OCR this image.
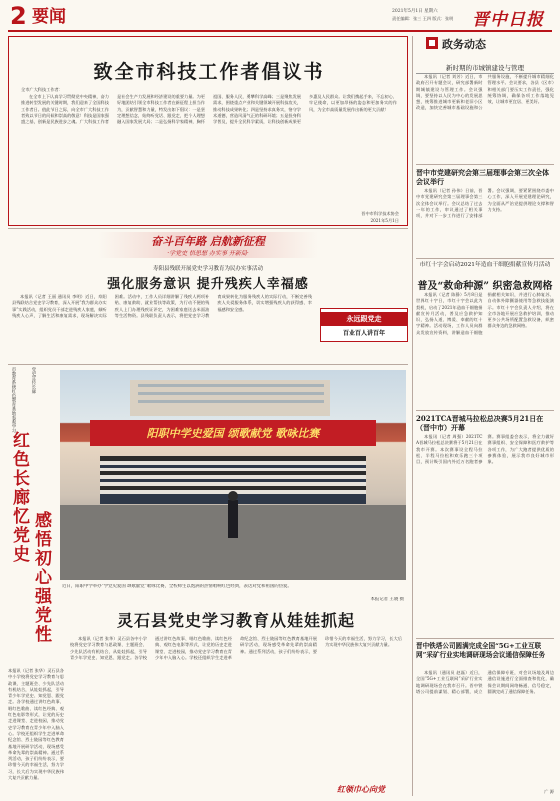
2 要闻	2021年5月1日 星期六
责任编辑：张三 王四 版式：张明 晋中日报
致全市科技工作者倡议书
全市广大科技工作者：
在全市上下认真学习贯彻党中央精神，奋力推进转型发展的关键时期，我们迎来了全国科技工作者日。值此节日之际，向全市广大科技工作者致以节日的问候和崇高的敬意！科技是国家强盛之基，创新是民族进步之魂。广大科技工作者是社会生产力发展和经济建设的重要力量。为更好地团结引领全市科技工作者在新征程上担当作为，贡献智慧和力量，特发出如下倡议：一是坚定理想信念，始终听党话、跟党走，把个人理想融入国家发展大局；二是弘扬科学家精神，胸怀祖国、服务人民，勇攀科学高峰；三是聚焦发展需求，围绕重点产业和关键领域开展科技攻关，推动科技成果转化；四是坚持求真务实，恪守学术道德，营造风清气正的科研环境；五是投身科学普及，提升全民科学素质，让科技创新成果更多惠及人民群众。让我们携起手来，不忘初心、牢记使命，以更加昂扬的姿态和更加务实的作风，为全市高质量发展作出新的更大贡献！
晋中市科学技术协会
2021年5月1日
奋斗百年路 启航新征程
·学党史 悟思想 办实事 开新局·
寿阳县残联开展党史学习教育为民办实事活动
强化服务意识 提升残疾人幸福感
本报讯（记者 王丽 通讯员 李明）近日，寿阳县残联结合党史学习教育，深入开展“我为群众办实事”实践活动，组织党员干部走进残疾人家庭，倾听残疾人心声，了解生活和康复需求，现场解决实际困难。活动中，工作人员详细讲解了残疾人两项补贴、康复救助、就业帮扶等政策，为行动不便的残疾人上门办理残疾证评定，为困难家庭送去米面油等生活物资。县残联负责人表示，将把党史学习教育成果转化为服务残疾人的实际行动，不断完善残疾人关爱服务体系，切实增强残疾人的获得感、幸福感和安全感。
永远跟党走
百业百人讲百年
党史宣传长廊
市教育系统红色教育基地参观学习
红色长廊忆党史
感悟初心强党性
本报讯（记者 张华）灵石县各中小学校将党史学习教育与思政课、主题班会、少先队活动有机结合，从娃娃抓起，引导青少年学党史、知党恩、跟党走。各学校通过讲红色故事、唱红色歌曲、读红色经典、观红色电影等形式，让党的历史走进课堂、走进校园，推动党史学习教育在青少年中入脑入心。学校还组织学生走进革命纪念馆、烈士陵园等红色教育基地开展研学活动，现场感受革命先辈的崇高精神。通过系列活动，孩子们纷纷表示，要珍惜今天的幸福生活，努力学习，长大后为实现中华民族伟大复兴贡献力量。
阳职中学史爱国 颂歌献党 歌咏比赛
近日，阳职中学举办“学党史爱国 颂歌献党”歌咏比赛，全校师生以饱满的热情唱响红色经典，表达对党和祖国的热爱。
本报记者 王晓 摄
灵石县党史学习教育从娃娃抓起
本报讯（记者 张华）灵石县各中小学校将党史学习教育与思政课、主题班会、少先队活动有机结合，从娃娃抓起，引导青少年学党史、知党恩、跟党走。各学校通过讲红色故事、唱红色歌曲、读红色经典、观红色电影等形式，让党的历史走进课堂、走进校园，推动党史学习教育在青少年中入脑入心。学校还组织学生走进革命纪念馆、烈士陵园等红色教育基地开展研学活动，现场感受革命先辈的崇高精神。通过系列活动，孩子们纷纷表示，要珍惜今天的幸福生活，努力学习，长大后为实现中华民族伟大复兴贡献力量。
红领巾心向党
政务动态
新时期的市城镇建设与管理
本报讯（记者 刘芳）近日，市政府召开专题会议，研究部署新时期城镇建设与管理工作。会议强调，要坚持以人民为中心的发展思想，统筹推进城市更新和老旧小区改造，加快完善城市基础设施和公共服务设施，不断提升城市精细化管理水平。会议要求，各县（区市）和相关部门要压实工作责任，强化统筹协调，确保各项工作落地见效，让城市更宜居、更美好。
晋中市党建研究会第三届理事会第三次全体会议举行
本报讯（记者 孙伟）日前，晋中市党建研究会第三届理事会第三次全体会议举行。会议总结了过去一年的工作，审议通过了相关事项，并对下一步工作进行了安排部署。会议强调，要紧紧围绕市委中心工作，深入开展党建理论研究，为全面从严治党提供理论支撑和智力支持。
市红十字会启动2021年造血干细胞捐献宣传月活动
普及“救命种源” 织密急救网格
本报讯（记者 陈静）5月8日是世界红十字日，市红十字会以此为契机，启动了2021年造血干细胞捐献宣传月活动，普及应急救护知识，弘扬人道、博爱、奉献的红十字精神。活动现场，工作人员向群众发放宣传资料，讲解造血干细胞捐献相关知识，并进行心肺复苏、自动体外除颤器使用等急救技能演示。市红十字会负责人介绍，将在全市各地开展应急救护培训，推动更多公共场所配置急救设备，织密群众身边的急救网格。
2021TCA晋城马拉松总决赛5月21日在（晋中市）开幕
本报讯（记者 周强）2021TCA晋城马拉松总决赛将于5月21日在我市开赛。本次赛事设全程马拉松、半程马拉松和欢乐跑三个项目，预计吸引国内外近万名跑者参赛。赛事组委会表示，将全力做好赛事组织、安全保障和医疗救护等各项工作，为广大跑者提供优质的参赛体验，展示我市良好城市形象。
晋中铁塔公司圆满完成全国“5G+工业互联网”采矿行业实地调研现场会议通信保障任务
本报讯（通讯员 赵磊）近日，全国“5G+工业互联网”采矿行业实地调研现场会在我市召开。晋中铁塔公司提前谋划、精心部署，成立通信保障专班，对会议场地及周边通信设施进行全面排查和优化，确保会议期间网络畅通、信号稳定，圆满完成了通信保障任务。
广 源
